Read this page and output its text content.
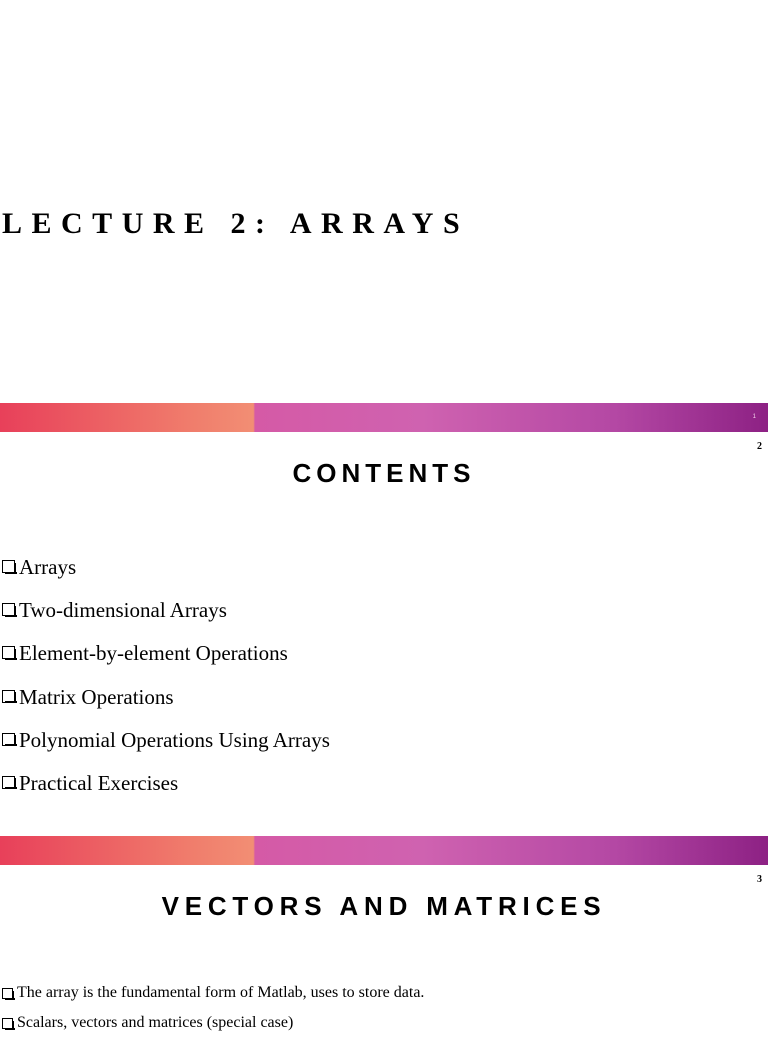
LECTURE 2: ARRAYS
1
2
CONTENTS
Arrays
Two-dimensional Arrays
Element-by-element Operations
Matrix Operations
Polynomial Operations Using Arrays
Practical Exercises
3
VECTORS AND MATRICES
The array is the fundamental form of Matlab, uses to store data.
Scalars, vectors and matrices (special case)
